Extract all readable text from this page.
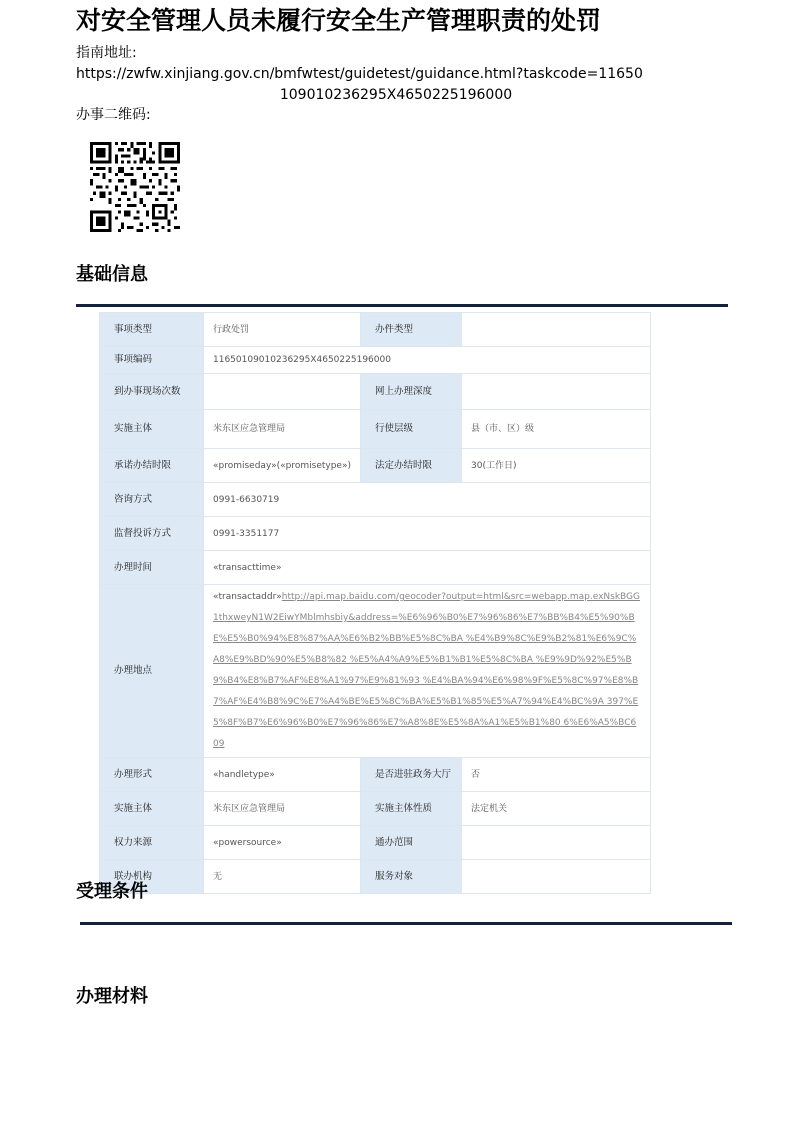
对安全管理人员未履行安全生产管理职责的处罚
指南地址:
https://zwfw.xinjiang.gov.cn/bmfwtest/guidetest/guidance.html?taskcode=11650
109010236295X4650225196000
办事二维码:
基础信息
事项类型	行政处罚	办件类型	
事项编码	11650109010236295X4650225196000		
到办事现场次数		网上办理深度	
实施主体	米东区应急管理局	行使层级	县（市、区）级
承诺办结时限	«promiseday»(«promisetype»)	法定办结时限	30(工作日)
咨询方式	0991-6630719		
监督投诉方式	0991-3351177		
办理时间	«transacttime»		
办理地点	«transactaddr»http://api.map.baidu.com/geocoder?output=html&src=webapp.map.exNskBGG1thxweyN1W2EiwYMblmhsbiy&address=%E6%96%B0%E7%96%86%E7%BB%B4%E5%90%BE%E5%B0%94%E8%87%AA%E6%B2%BB%E5%8C%BA %E4%B9%8C%E9%B2%81%E6%9C%A8%E9%BD%90%E5%B8%82 %E5%A4%A9%E5%B1%B1%E5%8C%BA %E9%9D%92%E5%B9%B4%E8%B7%AF%E8%A1%97%E9%81%93 %E4%BA%94%E6%98%9F%E5%8C%97%E8%B7%AF%E4%B8%9C%E7%A4%BE%E5%8C%BA%E5%B1%85%E5%A7%94%E4%BC%9A 397%E5%8F%B7%E6%96%B0%E7%96%86%E7%A8%8E%E5%8A%A1%E5%B1%80 6%E6%A5%BC609		
办理形式	«handletype»	是否进驻政务大厅	否
实施主体	米东区应急管理局	实施主体性质	法定机关
权力来源	«powersource»	通办范围	
联办机构	无	服务对象	
受理条件
办理材料
